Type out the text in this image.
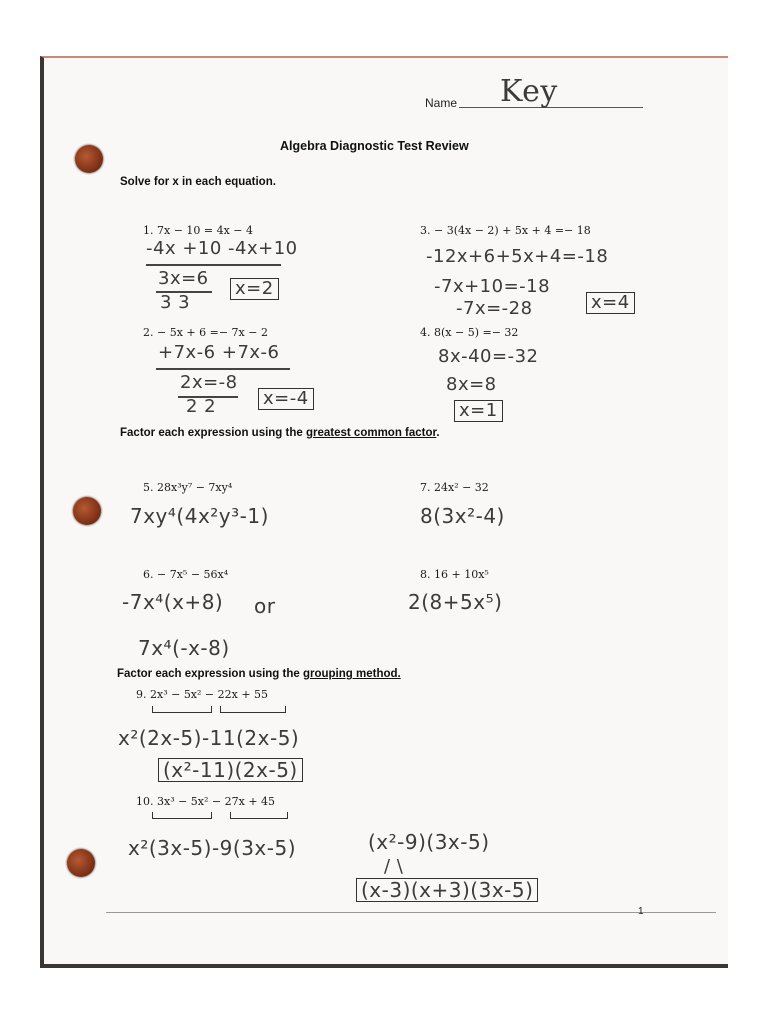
Name Key
Algebra Diagnostic Test Review
Solve for x in each equation.
1. 7x − 10 = 4x − 4
-4x +10 -4x+10
3x=6
3 3
x=2
3. − 3(4x − 2) + 5x + 4 =− 18
-12x+6+5x+4=-18
-7x+10=-18
-7x=-28	x=4
2. − 5x + 6 =− 7x − 2
+7x-6 +7x-6
2x=-8
2 2	x=-4
4. 8(x − 5) =− 32
8x-40=-32
8x=8
x=1
Factor each expression using the greatest common factor.
5. 28x³y⁷ − 7xy⁴
7xy⁴(4x²y³-1)
7. 24x² − 32
8(3x²-4)
6. − 7x⁵ − 56x⁴
-7x⁴(x+8) or
7x⁴(-x-8)
8. 16 + 10x⁵
2(8+5x⁵)
Factor each expression using the grouping method.
9. 2x³ − 5x² − 22x + 55
x²(2x-5)-11(2x-5)
(x²-11)(2x-5)
10. 3x³ − 5x² − 27x + 45
x²(3x-5)-9(3x-5)	(x²-9)(3x-5)
/ \
(x-3)(x+3)(3x-5)
1
